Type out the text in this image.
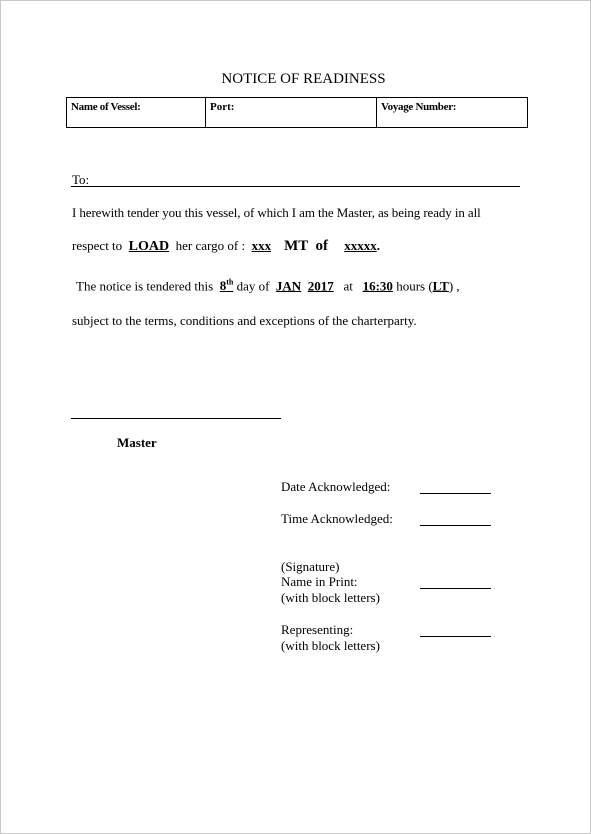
NOTICE OF READINESS
Name of Vessel:	Port:	Voyage Number:
To:
I herewith tender you this vessel, of which I am the Master, as being ready in all
respect to LOAD her cargo of : xxx MT  of xxxxx.
The notice is tendered this 8th day of JAN 2017 at 16:30 hours (LT) ,
subject to the terms, conditions and exceptions of the charterparty.
Master
Date Acknowledged:
Time Acknowledged:
(Signature)
Name in Print:
(with block letters)
Representing:
(with block letters)
